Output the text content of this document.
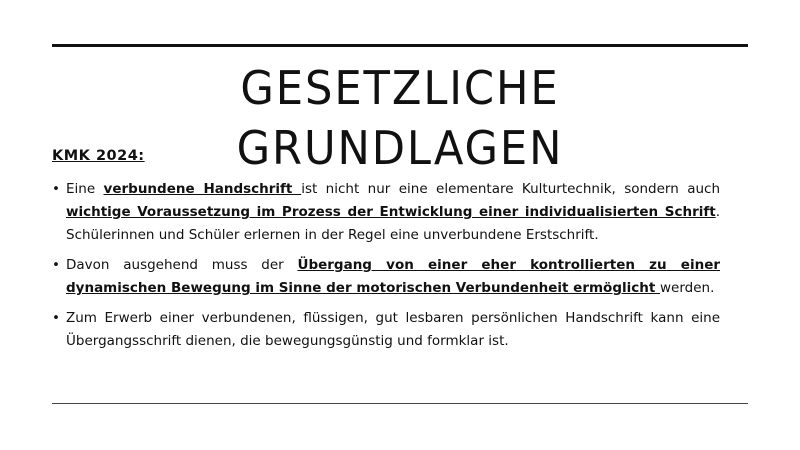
GESETZLICHE GRUNDLAGEN

KMK 2024:

• Eine verbundene Handschrift ist nicht nur eine elementare Kulturtechnik, sondern auch wichtige Voraussetzung im Prozess der Entwicklung einer individualisierten Schrift. Schülerinnen und Schüler erlernen in der Regel eine unverbundene Erstschrift.
• Davon ausgehend muss der Übergang von einer eher kontrollierten zu einer dynamischen Bewegung im Sinne der motorischen Verbundenheit ermöglicht werden.
• Zum Erwerb einer verbundenen, flüssigen, gut lesbaren persönlichen Handschrift kann eine Übergangsschrift dienen, die bewegungsgünstig und formklar ist.
